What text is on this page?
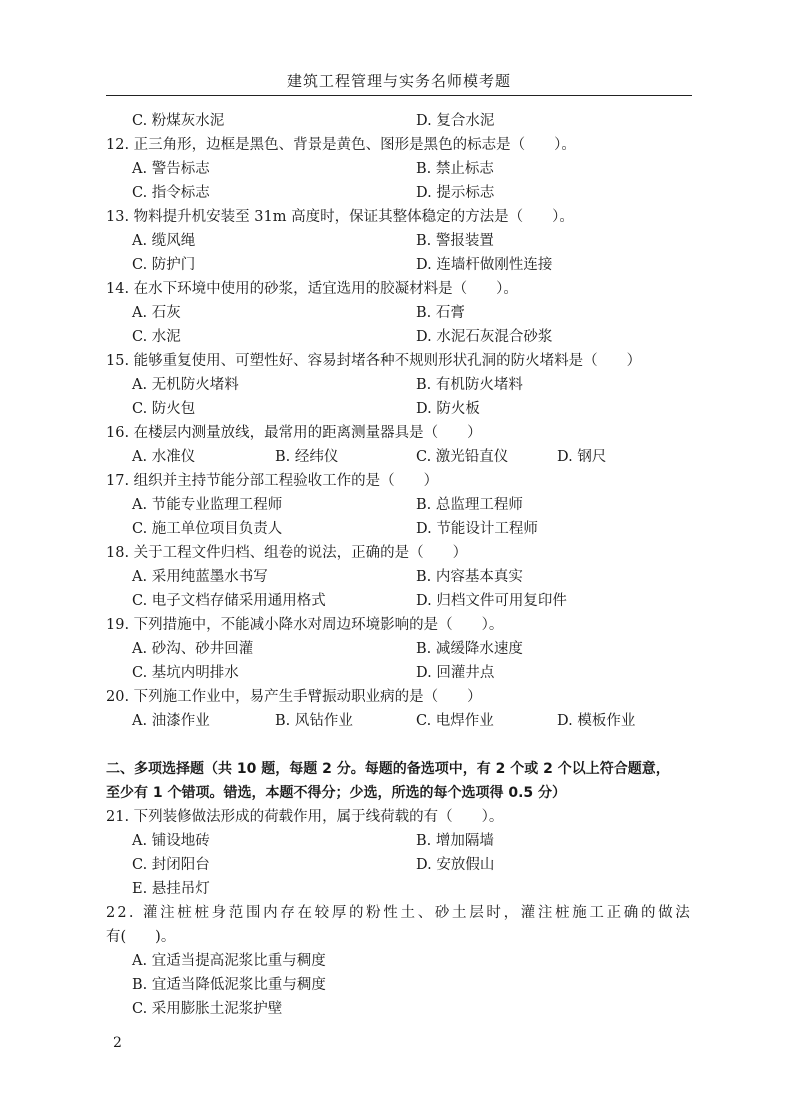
建筑工程管理与实务名师模考题
C. 粉煤灰水泥	D. 复合水泥
12. 正三角形，边框是黑色、背景是黄色、图形是黑色的标志是（　　）。
A. 警告标志	B. 禁止标志
C. 指令标志	D. 提示标志
13. 物料提升机安装至 31m 高度时，保证其整体稳定的方法是（　　）。
A. 缆风绳	B. 警报装置
C. 防护门	D. 连墙杆做刚性连接
14. 在水下环境中使用的砂浆，适宜选用的胶凝材料是（　　）。
A. 石灰	B. 石膏
C. 水泥	D. 水泥石灰混合砂浆
15. 能够重复使用、可塑性好、容易封堵各种不规则形状孔洞的防火堵料是（　　）
A. 无机防火堵料	B. 有机防火堵料
C. 防火包	D. 防火板
16. 在楼层内测量放线，最常用的距离测量器具是（　　）
A. 水准仪	B. 经纬仪	C. 激光铅直仪	D. 钢尺
17. 组织并主持节能分部工程验收工作的是（　　）
A. 节能专业监理工程师	B. 总监理工程师
C. 施工单位项目负责人	D. 节能设计工程师
18. 关于工程文件归档、组卷的说法，正确的是（　　）
A. 采用纯蓝墨水书写	B. 内容基本真实
C. 电子文档存储采用通用格式	D. 归档文件可用复印件
19. 下列措施中，不能减小降水对周边环境影响的是（　　）。
A. 砂沟、砂井回灌	B. 减缓降水速度
C. 基坑内明排水	D. 回灌井点
20. 下列施工作业中，易产生手臂振动职业病的是（　　）
A. 油漆作业	B. 风钻作业	C. 电焊作业	D. 模板作业
二、多项选择题（共 10 题，每题 2 分。每题的备选项中，有 2 个或 2 个以上符合题意，
至少有 1 个错项。错选，本题不得分；少选，所选的每个选项得 0.5 分）
21. 下列装修做法形成的荷载作用，属于线荷载的有（　　）。
A. 铺设地砖	B. 增加隔墙
C. 封闭阳台	D. 安放假山
E. 悬挂吊灯
22. 灌注桩桩身范围内存在较厚的粉性土、砂土层时，灌注桩施工正确的做法
有(　　)。
A. 宜适当提高泥浆比重与稠度
B. 宜适当降低泥浆比重与稠度
C. 采用膨胀土泥浆护壁
2
